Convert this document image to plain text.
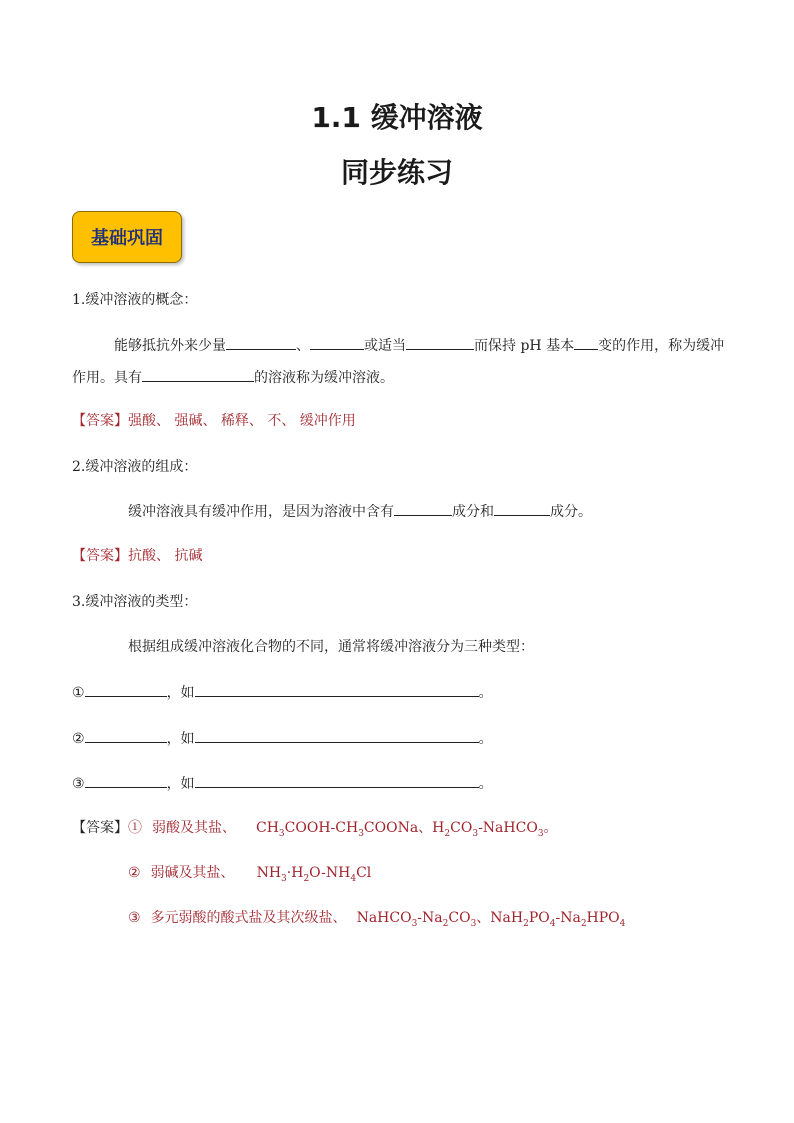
1.1 缓冲溶液
同步练习
基础巩固
1.缓冲溶液的概念：
能够抵抗外来少量	、	或适当	而保持 pH 基本 变的作用，称为缓冲
作用。具有	的溶液称为缓冲溶液。
【答案】强酸、 强碱、 稀释、 不、 缓冲作用
2.缓冲溶液的组成：
缓冲溶液具有缓冲作用，是因为溶液中含有	成分和	成分。
【答案】抗酸、 抗碱
3.缓冲溶液的类型：
根据组成缓冲溶液化合物的不同，通常将缓冲溶液分为三种类型：
①	，如	。
②	，如	。
③	，如	。
【答案】① 弱酸及其盐、 $CH_3COOH-CH_3COONa$、$H_2CO_3-NaHCO_3$。
② 弱碱及其盐、 $NH_3\cdot H_2O-NH_4Cl$
③ 多元弱酸的酸式盐及其次级盐、 $NaHCO_3-Na_2CO_3$、$NaH_2PO_4-Na_2HPO_4$
